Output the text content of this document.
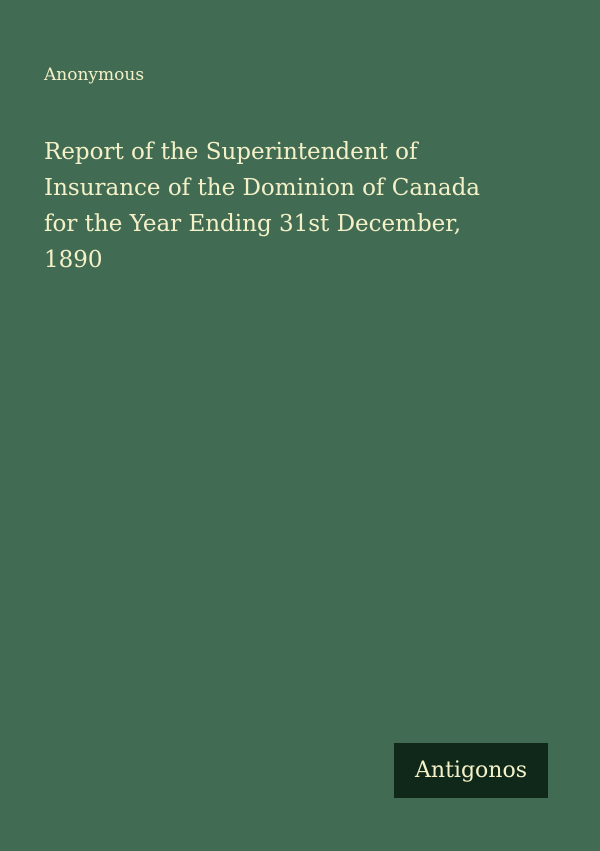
Anonymous
Report of the Superintendent of
Insurance of the Dominion of Canada
for the Year Ending 31st December,
1890
Antigonos
